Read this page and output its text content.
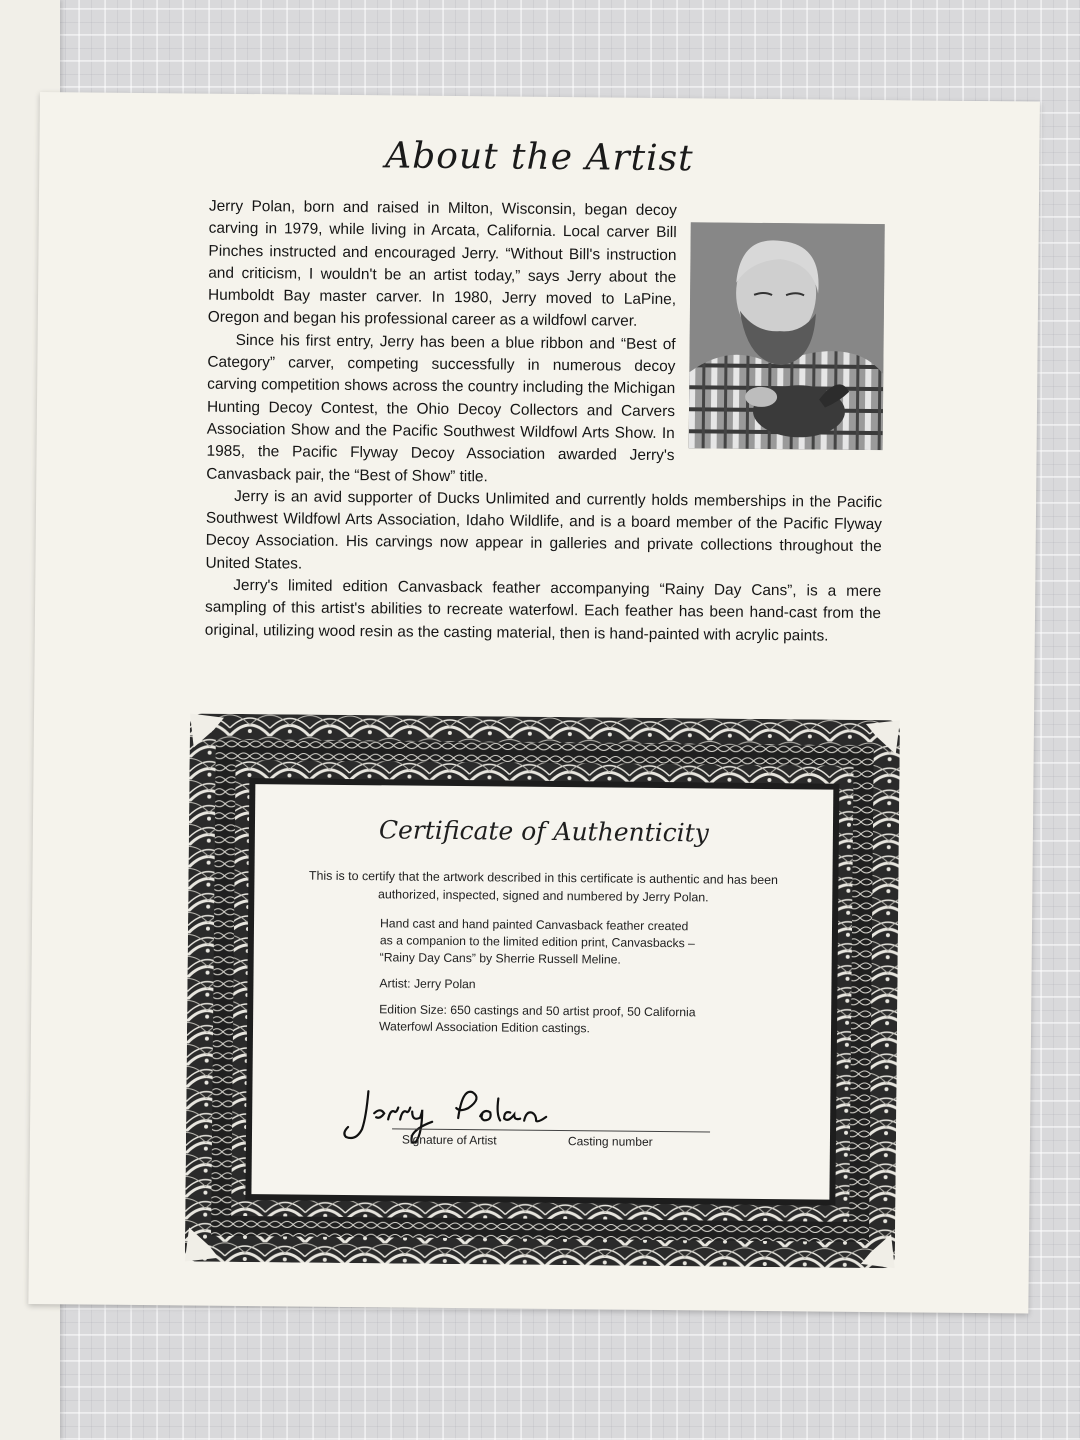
About the Artist

Jerry Polan, born and raised in Milton, Wisconsin, began decoy carving in 1979, while living in Arcata, California. Local carver Bill Pinches instructed and encouraged Jerry. “Without Bill's instruction and criticism, I wouldn't be an artist today,” says Jerry about the Humboldt Bay master carver. In 1980, Jerry moved to LaPine, Oregon and began his professional career as a wildfowl carver.

Since his first entry, Jerry has been a blue ribbon and “Best of Category” carver, competing successfully in numerous decoy carving competition shows across the country including the Michigan Hunting Decoy Contest, the Ohio Decoy Collectors and Carvers Association Show and the Pacific Southwest Wildfowl Arts Show. In 1985, the Pacific Flyway Decoy Association awarded Jerry's Canvasback pair, the “Best of Show” title.

Jerry is an avid supporter of Ducks Unlimited and currently holds memberships in the Pacific Southwest Wildfowl Arts Association, Idaho Wildlife, and is a board member of the Pacific Flyway Decoy Association. His carvings now appear in galleries and private collections throughout the United States.

Jerry's limited edition Canvasback feather accompanying “Rainy Day Cans”, is a mere sampling of this artist's abilities to recreate waterfowl. Each feather has been hand-cast from the original, utilizing wood resin as the casting material, then is hand-painted with acrylic paints.

Certificate of Authenticity

This is to certify that the artwork described in this certificate is authentic and has been authorized, inspected, signed and numbered by Jerry Polan.

Hand cast and hand painted Canvasback feather created as a companion to the limited edition print, Canvasbacks – “Rainy Day Cans” by Sherrie Russell Meline.

Artist: Jerry Polan

Edition Size: 650 castings and 50 artist proof, 50 California Waterfowl Association Edition castings.

Signature of Artist	Casting number
